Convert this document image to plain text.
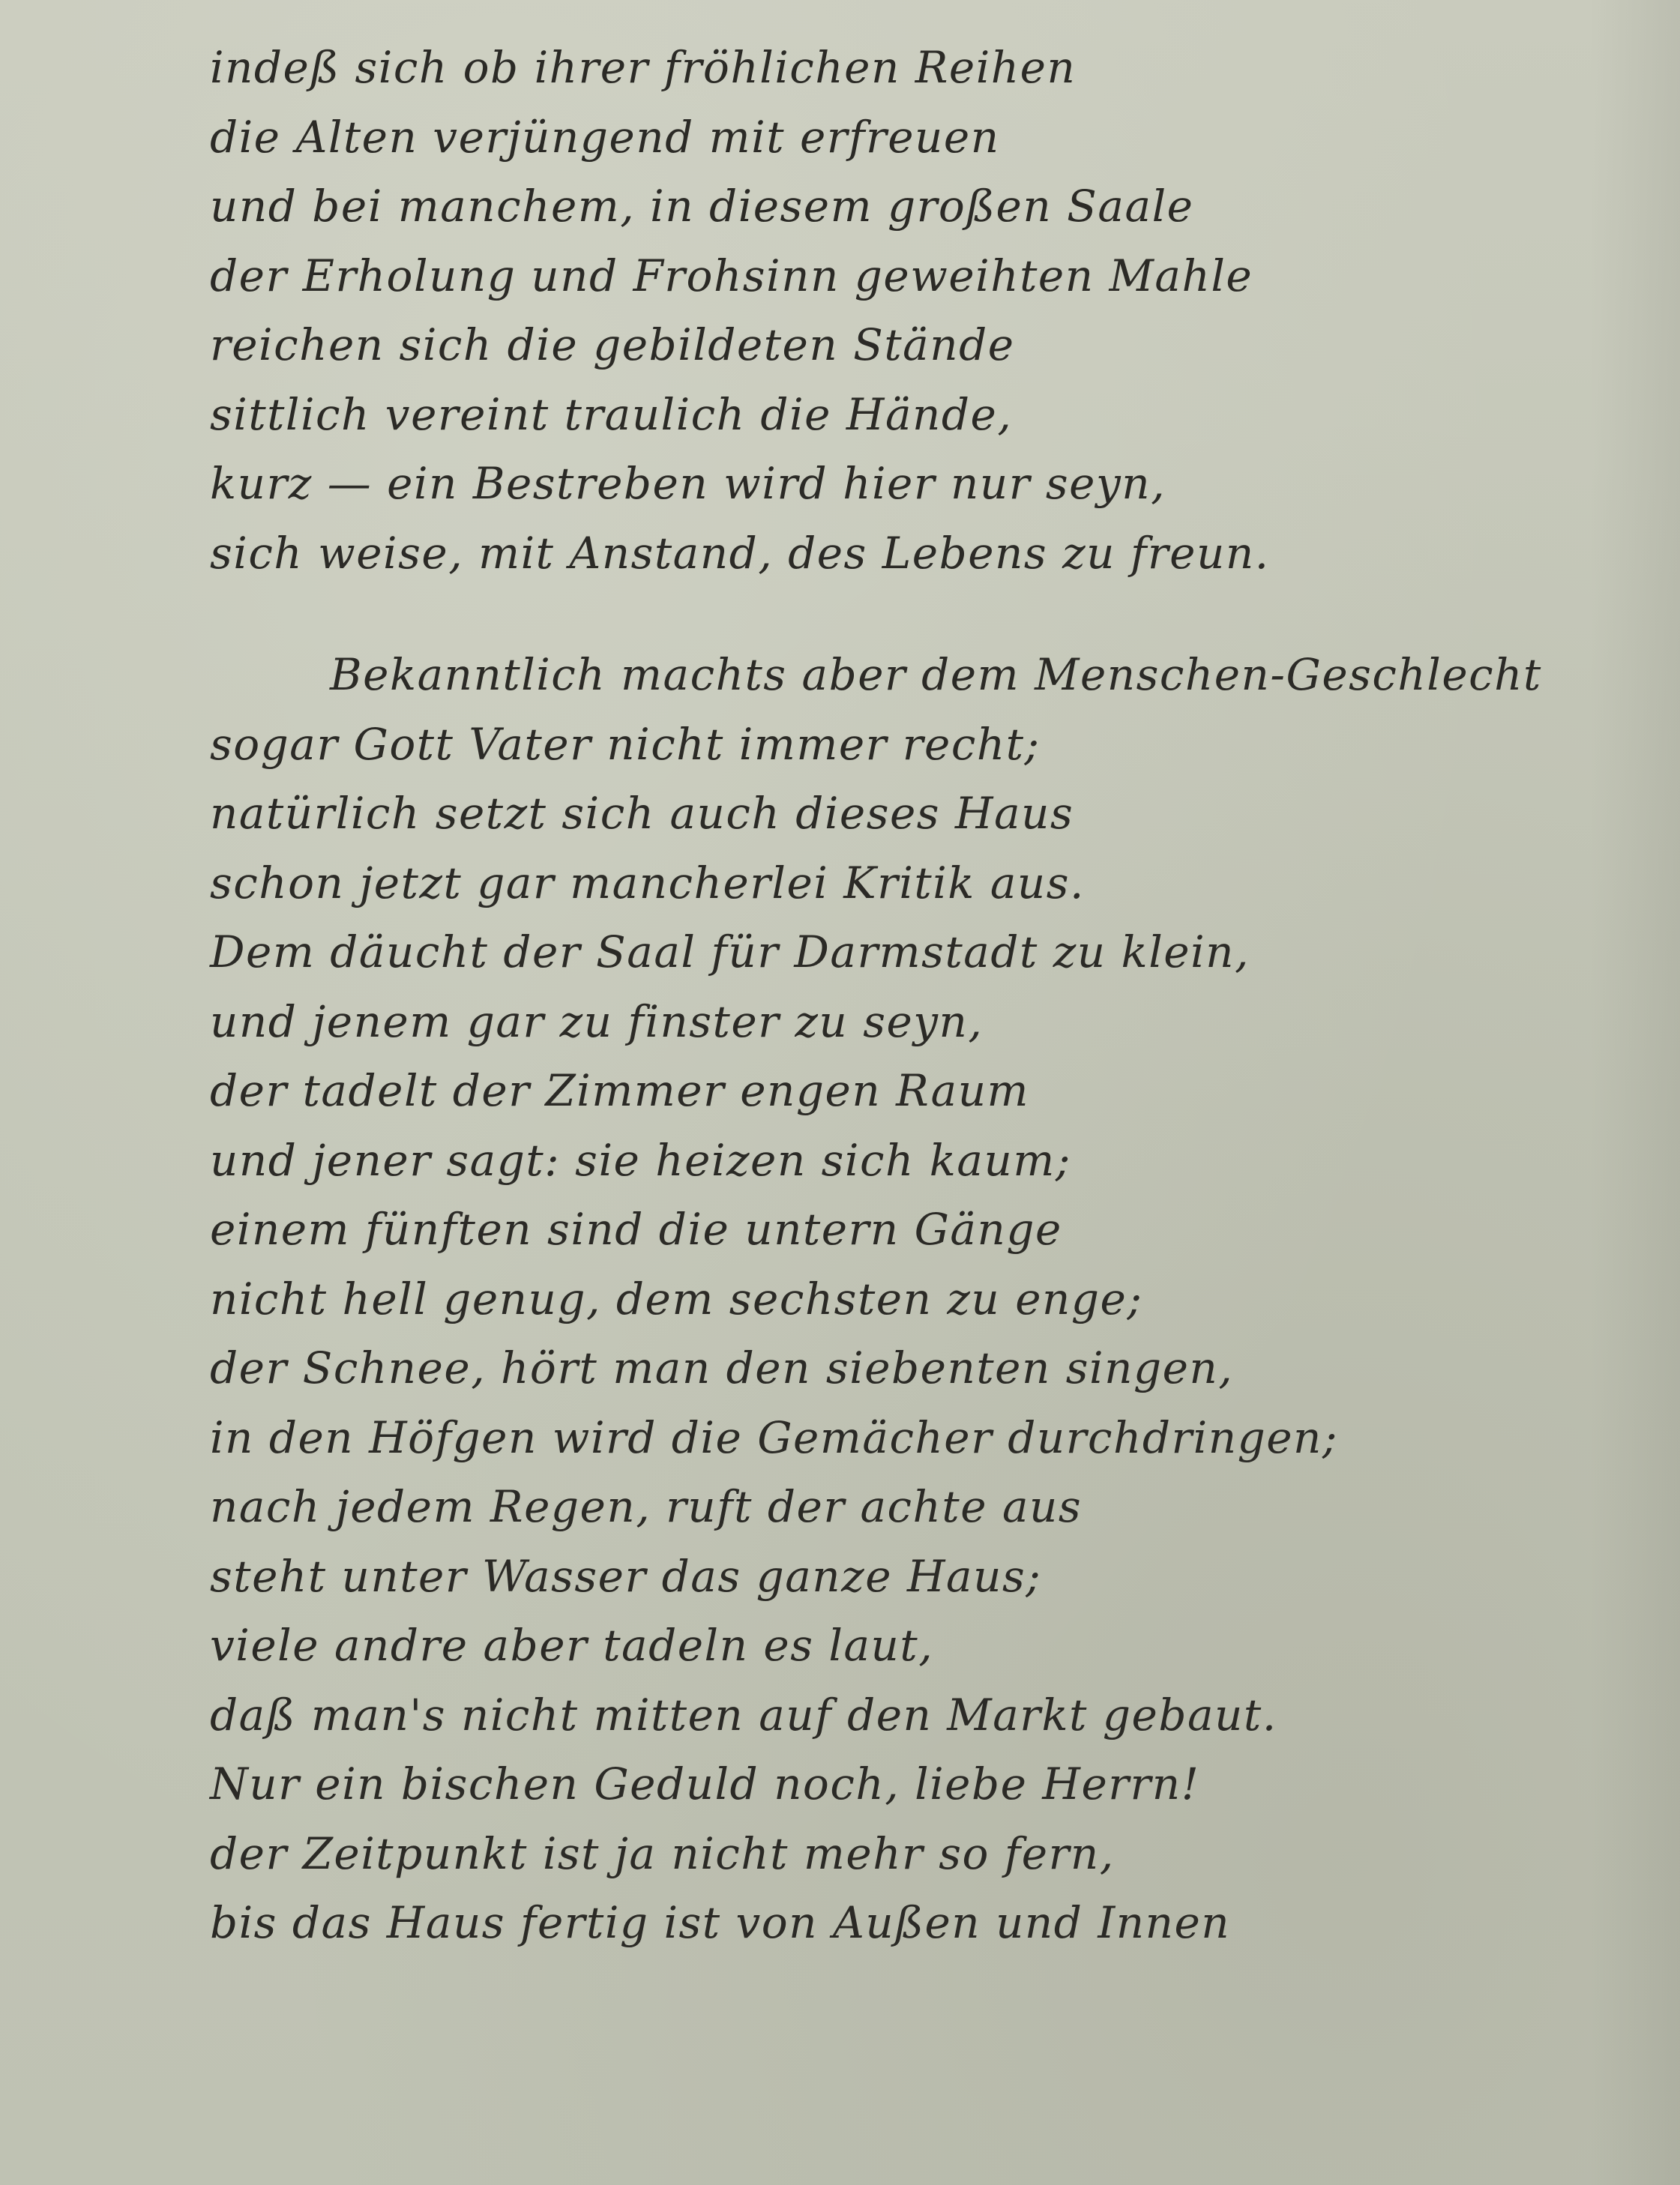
indeß sich ob ihrer fröhlichen Reihen
die Alten verjüngend mit erfreuen
und bei manchem, in diesem großen Saale
der Erholung und Frohsinn geweihten Mahle
reichen sich die gebildeten Stände
sittlich vereint traulich die Hände,
kurz — ein Bestreben wird hier nur seyn,
sich weise, mit Anstand, des Lebens zu freun.
Bekanntlich machts aber dem Menschen-Geschlecht
sogar Gott Vater nicht immer recht;
natürlich setzt sich auch dieses Haus
schon jetzt gar mancherlei Kritik aus.
Dem däucht der Saal für Darmstadt zu klein,
und jenem gar zu finster zu seyn,
der tadelt der Zimmer engen Raum
und jener sagt: sie heizen sich kaum;
einem fünften sind die untern Gänge
nicht hell genug, dem sechsten zu enge;
der Schnee, hört man den siebenten singen,
in den Höfgen wird die Gemächer durchdringen;
nach jedem Regen, ruft der achte aus
steht unter Wasser das ganze Haus;
viele andre aber tadeln es laut,
daß man's nicht mitten auf den Markt gebaut.
Nur ein bischen Geduld noch, liebe Herrn!
der Zeitpunkt ist ja nicht mehr so fern,
bis das Haus fertig ist von Außen und Innen
